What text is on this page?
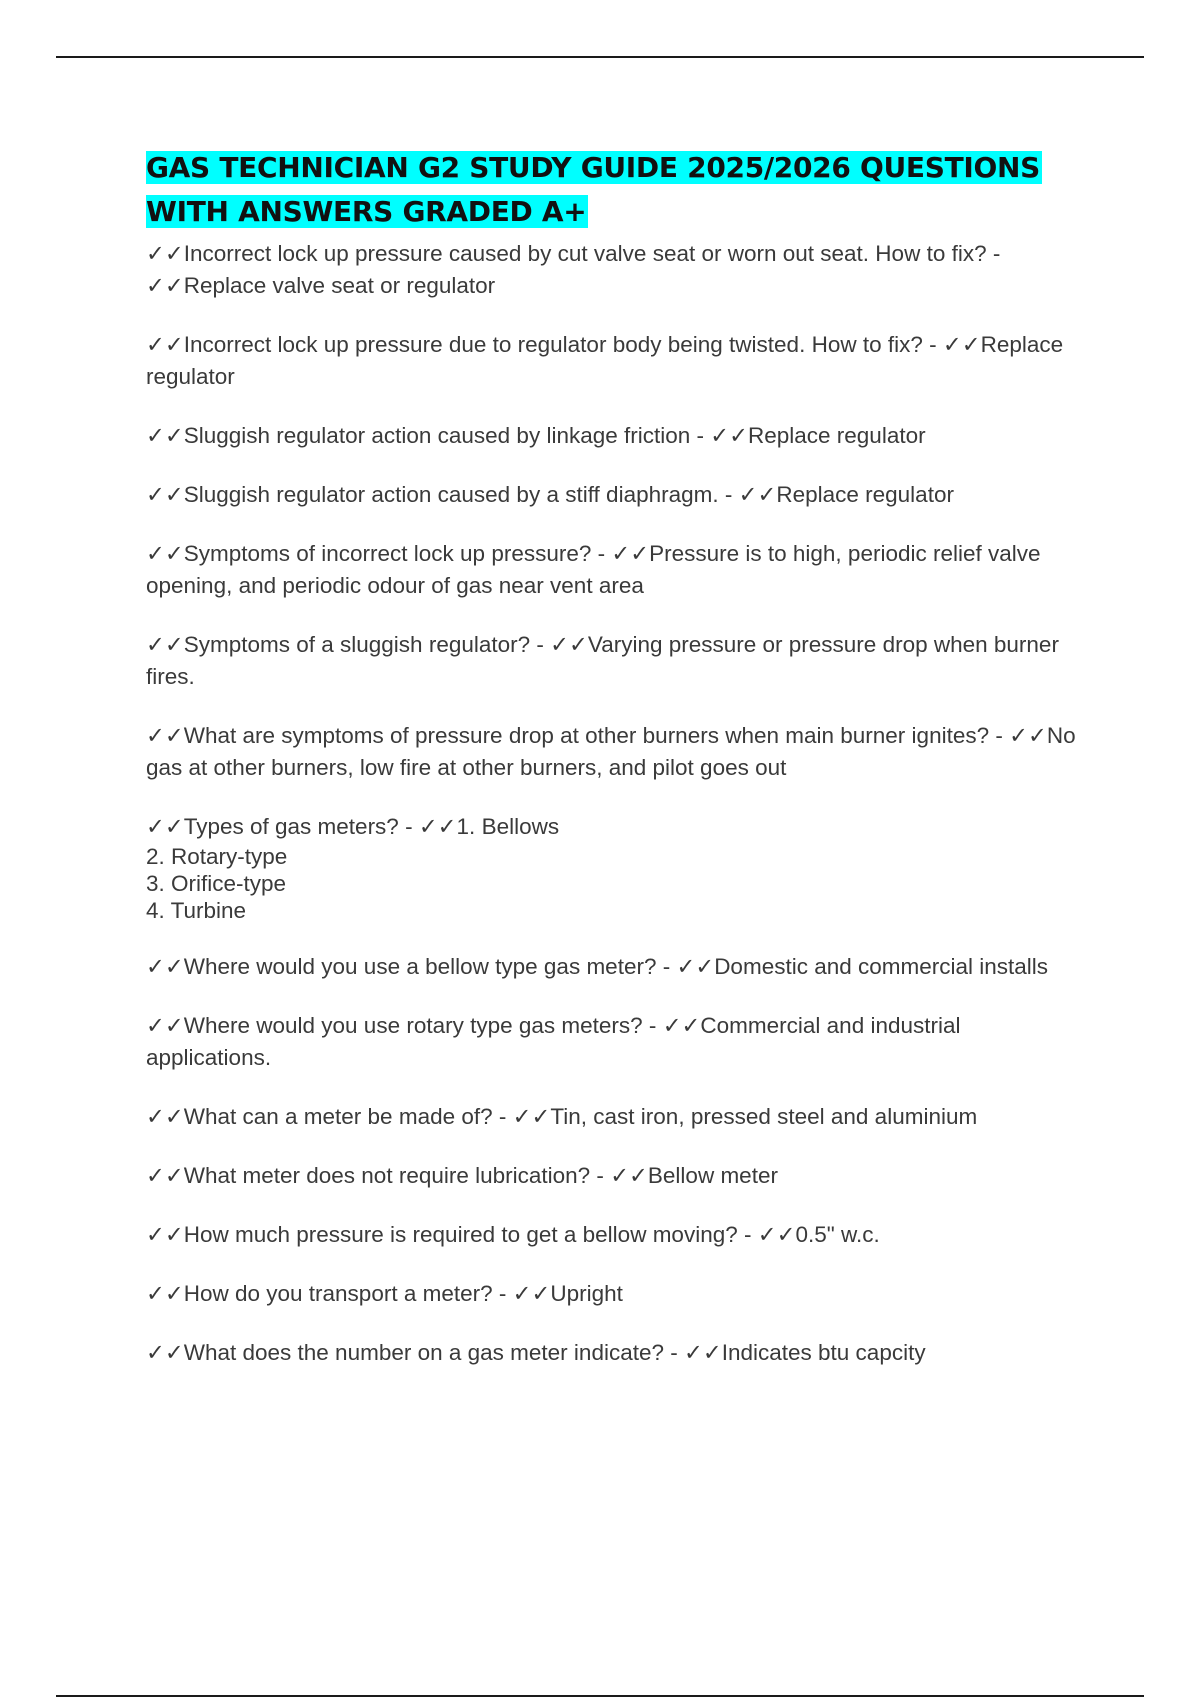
GAS TECHNICIAN G2 STUDY GUIDE 2025/2026 QUESTIONS WITH ANSWERS GRADED A+

✓✓Incorrect lock up pressure caused by cut valve seat or worn out seat. How to fix? - ✓✓Replace valve seat or regulator

✓✓Incorrect lock up pressure due to regulator body being twisted. How to fix? - ✓✓Replace regulator

✓✓Sluggish regulator action caused by linkage friction - ✓✓Replace regulator

✓✓Sluggish regulator action caused by a stiff diaphragm. - ✓✓Replace regulator

✓✓Symptoms of incorrect lock up pressure? - ✓✓Pressure is to high, periodic relief valve opening, and periodic odour of gas near vent area

✓✓Symptoms of a sluggish regulator? - ✓✓Varying pressure or pressure drop when burner fires.

✓✓What are symptoms of pressure drop at other burners when main burner ignites? - ✓✓No gas at other burners, low fire at other burners, and pilot goes out

✓✓Types of gas meters? - ✓✓1. Bellows
2. Rotary-type
3. Orifice-type
4. Turbine

✓✓Where would you use a bellow type gas meter? - ✓✓Domestic and commercial installs

✓✓Where would you use rotary type gas meters? - ✓✓Commercial and industrial applications.

✓✓What can a meter be made of? - ✓✓Tin, cast iron, pressed steel and aluminium

✓✓What meter does not require lubrication? - ✓✓Bellow meter

✓✓How much pressure is required to get a bellow moving? - ✓✓0.5" w.c.

✓✓How do you transport a meter? - ✓✓Upright

✓✓What does the number on a gas meter indicate? - ✓✓Indicates btu capcity
